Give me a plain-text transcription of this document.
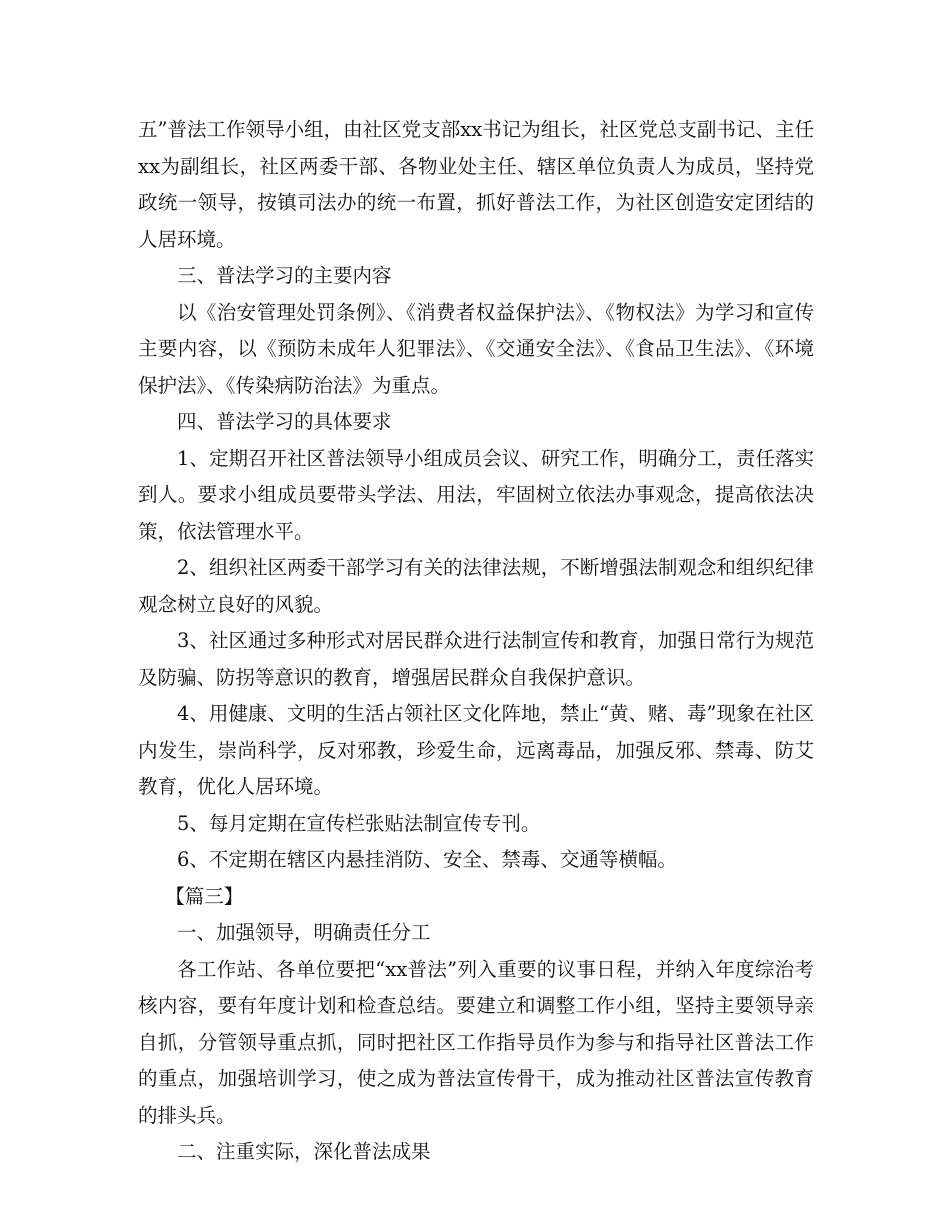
五”普法工作领导小组，由社区党支部xx书记为组长，社区党总支副书记、主任xx为副组长，社区两委干部、各物业处主任、辖区单位负责人为成员，坚持党政统一领导，按镇司法办的统一布置，抓好普法工作，为社区创造安定团结的人居环境。

三、普法学习的主要内容

以《治安管理处罚条例》、《消费者权益保护法》、《物权法》为学习和宣传主要内容，以《预防未成年人犯罪法》、《交通安全法》、《食品卫生法》、《环境保护法》、《传染病防治法》为重点。

四、普法学习的具体要求

1、定期召开社区普法领导小组成员会议、研究工作，明确分工，责任落实到人。要求小组成员要带头学法、用法，牢固树立依法办事观念，提高依法决策，依法管理水平。

2、组织社区两委干部学习有关的法律法规，不断增强法制观念和组织纪律观念树立良好的风貌。

3、社区通过多种形式对居民群众进行法制宣传和教育，加强日常行为规范及防骗、防拐等意识的教育，增强居民群众自我保护意识。

4、用健康、文明的生活占领社区文化阵地，禁止“黄、赌、毒”现象在社区内发生，崇尚科学，反对邪教，珍爱生命，远离毒品，加强反邪、禁毒、防艾教育，优化人居环境。

5、每月定期在宣传栏张贴法制宣传专刊。

6、不定期在辖区内悬挂消防、安全、禁毒、交通等横幅。

【篇三】

一、加强领导，明确责任分工

各工作站、各单位要把“xx普法”列入重要的议事日程，并纳入年度综治考核内容，要有年度计划和检查总结。要建立和调整工作小组，坚持主要领导亲自抓，分管领导重点抓，同时把社区工作指导员作为参与和指导社区普法工作的重点，加强培训学习，使之成为普法宣传骨干，成为推动社区普法宣传教育的排头兵。

二、注重实际，深化普法成果
